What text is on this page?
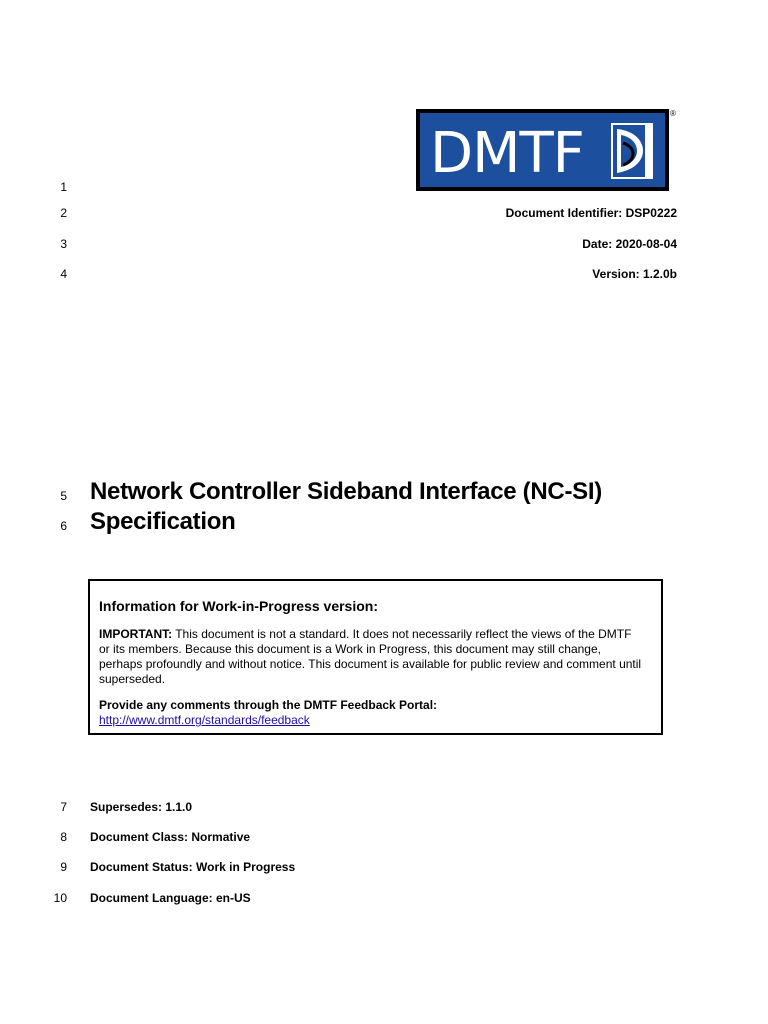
DMTF
®
1
2
3
4
5
6
7
8
9
10
Document Identifier: DSP0222
Date: 2020-08-04
Version: 1.2.0b
Network Controller Sideband Interface (NC-SI)
Specification
Information for Work-in-Progress version:
IMPORTANT: This document is not a standard. It does not necessarily reflect the views of the DMTF or its members. Because this document is a Work in Progress, this document may still change, perhaps profoundly and without notice. This document is available for public review and comment until superseded.
Provide any comments through the DMTF Feedback Portal:
http://www.dmtf.org/standards/feedback
Supersedes: 1.1.0
Document Class: Normative
Document Status: Work in Progress
Document Language: en-US
